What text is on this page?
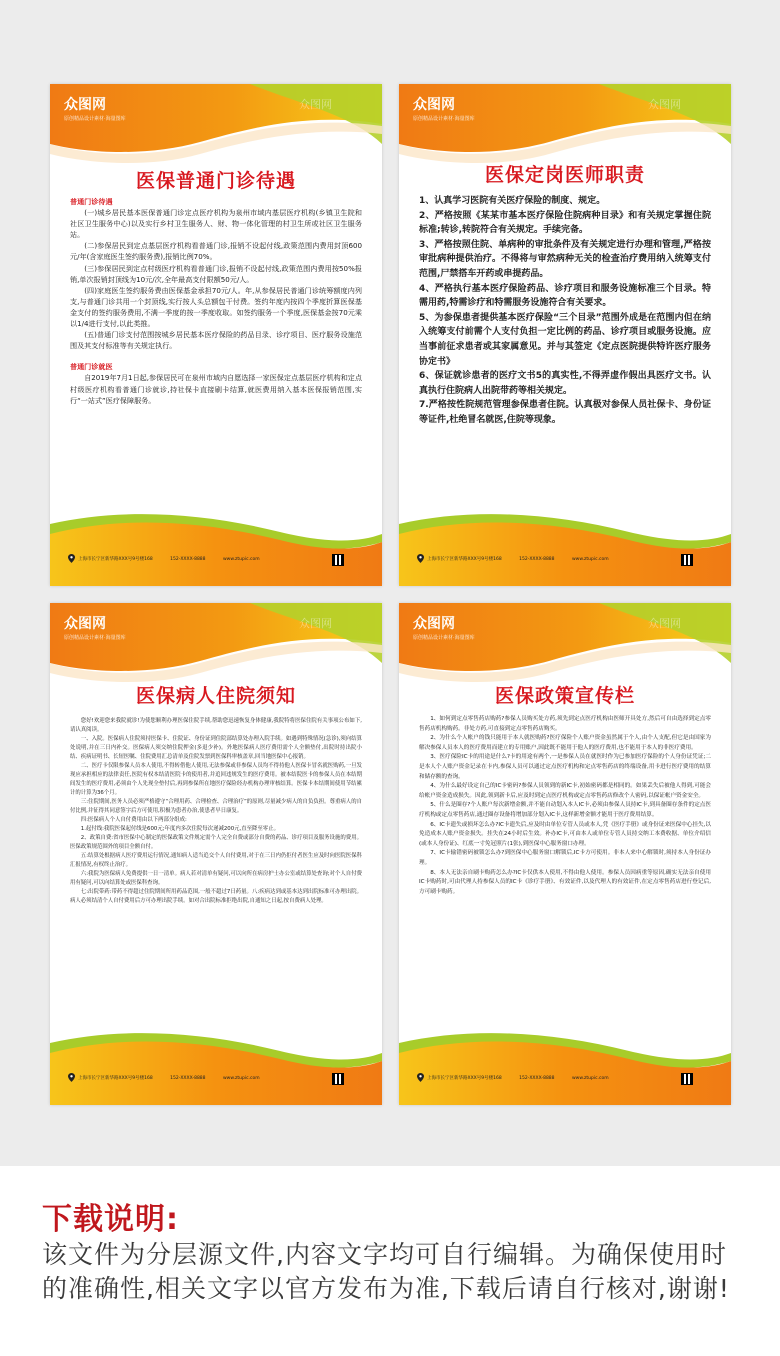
众图网
原创精品设计素材·海量图库
众图网
医保普通门诊待遇
普通门诊待遇
(一)城乡居民基本医保普通门诊定点医疗机构为泉州市域内基层医疗机构(乡镇卫生院和社区卫生服务中心)以及实行乡村卫生服务人、财、物一体化管理的村卫生所或社区卫生服务站。
(二)参保居民到定点基层医疗机构看普通门诊,报销不设起付线,政策范围内费用封顶600元/年(含家庭医生签约服务费),报销比例70%。
(三)参保居民到定点村级医疗机构看普通门诊,报销不设起付线,政策范围内费用按50%报销,单次报销封顶线为10元/次,全年最高支付限额50元/人。
(四)家庭医生签约服务费由医保基金承担70元/人。年,从参保居民普通门诊统筹额度内列支,与普通门诊共用一个封顶线,实行按人头总额包干付费。签约年度内按四个季度折算医保基金支付的签约服务费用,不满一季度的按一季度收取。如签约服务一个季度,医保基金按70元乘以1/4进行支付,以此类推。
(五)普通门诊支付范围按城乡居民基本医疗保险的药品目录、诊疗项目、医疗服务设施范围及其支付标准等有关规定执行。
普通门诊就医
自2019年7月1日起,参保居民可在泉州市域内自愿选择一家医保定点基层医疗机构和定点村级医疗机构看普通门诊就诊,持社保卡直接刷卡结算,就医费用纳入基本医保报销范围,实行“一站式”医疗保障服务。
上海市长宁区新华路XXX号9号楼168	152-XXXX-8888	www.ztupic.com
众图网
原创精品设计素材·海量图库
众图网
医保定岗医师职责
1、认真学习医院有关医疗保险的制度、规定。
2、严格按照《某某市基本医疗保险住院病种目录》和有关规定掌握住院标准;转诊,转院符合有关规定。手续完备。
3、严格按照住院、单病种的审批条件及有关规定进行办理和管理,严格按审批病种提供治疗。不得将与审然病种无关的检查治疗费用纳入统筹支付范围,尸禁搭车开药或串提药品。
4、严格执行基本医疗保险药品、诊疗项目和服务设施标准三个目录。特需用药,特需诊疗和特需服务设施符合有关要求。
5、为参保患者提供基本医疗保险“三个目录”范围外成是在范围内但在纳入统筹支付前需个人支付负担一定比例的药品、诊疗项目或服务设施。应当事前征求患者或其家属意见。并与其签定《定点医院提供特许医疗服务协定书》
6、保证就诊患者的医疗文书5的真实性,不得弄虚作假出具医疗文书。认真执行住院病人出院带药等相关规定。
7.严格按性院规范管理参保患者住院。认真极对参保人员社保卡、身份证等证件,杜绝冒名就医,住院等现象。
上海市长宁区新华路XXX号9号楼168	152-XXXX-8888	www.ztupic.com
众图网
原创精品设计素材·海量图库
众图网
医保病人住院须知
您好!欢迎您来我院就诊!为使您顺利办理医保住院手续,帮助您迅速恢复身体健康,我院特将医保住院有关事项公布如下,请认真阅读。
一、入院。医保病人住院须持医保卡、住院证、身份证到住院部结算处办理入院手续。如遇到特殊情况(急诊),须向结算处说明,并在三日内补交。医保病人须交纳住院押金(多退少补)。外地医保病人医疗费用需个人全额垫付,出院时持出院小结、疾病证明书、长短医嘱、住院费用汇总清单及住院发票到医保科审核盖章,回当地医保中心报销。
二、医疗卡仅限参保人员本人使用,不得转借他人使用,无法参保或非参保人员均不得持他人医保卡冒名就医购药,一旦发现应承担相应的法律责任,医院有权本结清医院卡的使用者,并追回违规发生的医疗费用。被本结院医卡的参保人员在本结期间发生的医疗费用,必须由个人先现全垫付后,再到参保所在地医疗保险经办机构办理审核结算。医保卡本结期间使用节结累计的计算为36个月。
三:住院期间,医务人员必须严格遵守“合理用药、合理检查、合理治疗”的原则,尽量减少病人的自负负担。尊重病人的自付比例,并征得其同意签字后方可使用,积极为患者办治,使患者早日康复。
四:医保病人个人自付费用由以下两部分组成:
1.起付线:我院医保起付线是600元;年度内多次住院每次递减200元,直至降至零止。
2、政策自费:省市医保中心制定的医保政策文件规定需个人完全自费或部分自费的药品、诊疗项目及服务设施的费用。医保政策规范围外的项目全额自付。
五:结算处根据病人医疗费用运行情况,通知病人适当追交个人自付费用,对于在三日内仍拒付者医生应及时向医院医保科汇报情况,有权终止治疗。
六:我院为医保病人免费提供一日一清单。病人若对清单有疑问,可以向所在病房护士办公室或结算处查询;对个人自付费用有疑问,可以向结算处或医保科查询。
七:出院带药:带药不得超过住院期间所用药品范围,一般不超过7日药量。八:疾病达到或基本达到出院标准可办理出院。病人必须结清个人自付费用后方可办理出院手续。如对合出院标准拒绝出院,自通知之日起,按自费病人处理。
上海市长宁区新华路XXX号9号楼168	152-XXXX-8888	www.ztupic.com
众图网
原创精品设计素材·海量图库
众图网
医保政策宣传栏
1、如何到定点零售药店购药?参保人员购买处方药,须先到定点医疗机构由医师开具处方,然后可自由选择到定点零售药店机构购药。非处方药,可直接到定点零售药店购买。
2、为什么个人帐户的钱只能用于本人就医购药?医疗保险个人账户资金虽然属于个人,由个人支配,但它是由国家为解决参保人员本人的医疗费用而建立的专用账户,因此既不能用于他人的医疗费用,也不能用于本人的非医疗费用。
3、医疗保险IC卡的用途是什么?卡的用途有两个,一是参保人员在就医时作为已参加医疗保险的个人身份证凭证;二是本人个人账户资金记录在卡内,参保人员可以通过定点医疗机构和定点零售药店的终端设备,用卡进行医疗费用的结算和储存额的查询。
4、为什么最好设定自己的IC卡密码?参保人员领到的新IC卡,初始密码都是相同的。如果丢失后被他人得到,可能会给帐户资金造成损失。因此,领到新卡后,应及时到定点医疗机构或定点零售药店修改个人密码,以保证帐户资金安全。
5、什么是圈存?个人账户每次新增金额,并不能自动划入本人IC卡,必须由参保人员持IC卡,到具备圈存条件的定点医疗机构或定点零售药店,通过圈存设备将增加部分划入IC卡,这样新增金额才能用于医疗费用结算。
6、IC卡遗失或损坏怎么办?IC卡遗失后,应及时由单位专管人员或本人,凭《医疗手册》或身份证来医保中心挂失,以免造成本人账户资金损失。挂失在24小时后生效。补办IC卡,可由本人或单位专管人员持交纳工本费收据、单位介绍信(或本人身份证)、红底一寸免冠照片(1张),到医保中心服务窗口办理。
7、IC卡输错密码被锁怎么办?到医保中心服务窗口解锁后,IC卡方可使用。非本人来中心解锁时,须持本人身份证办理。
8、本人无法亲自刷卡购药怎么办?IC卡仅供本人使用,不得由他人使用。参保人员因病重等原因,确实无法亲自使用IC卡购药时,可由代理人持参保人员的IC卡《诊疗手册》、有效证件,以及代理人的有效证件,在定点零售药店进行登记后,方可刷卡购药。
上海市长宁区新华路XXX号9号楼168	152-XXXX-8888	www.ztupic.com
下载说明:
该文件为分层源文件,内容文字均可自行编辑。为确保使用时的准确性,相关文字以官方发布为准,下载后请自行核对,谢谢!
